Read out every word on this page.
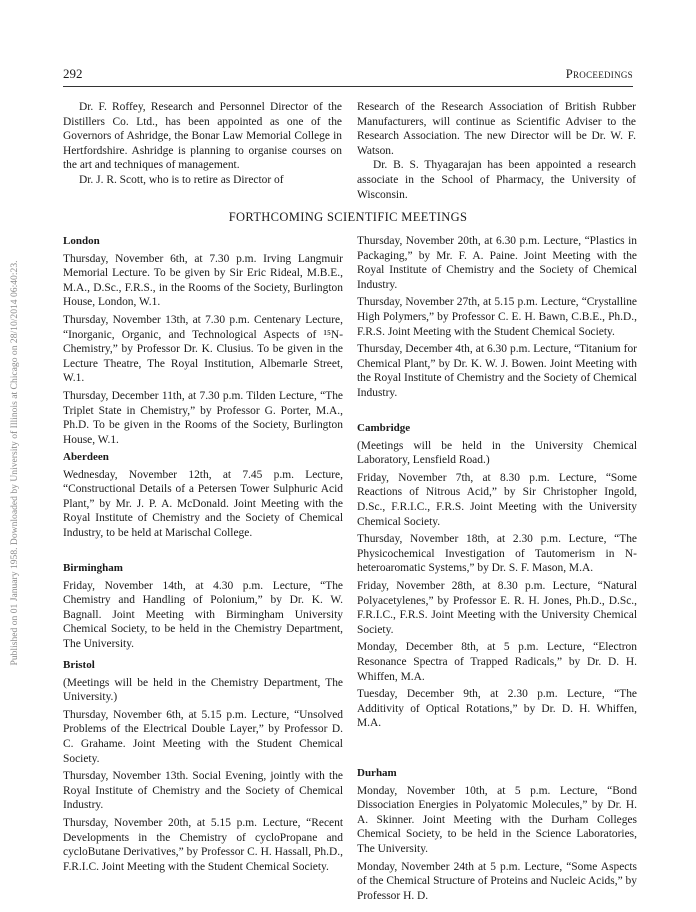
292	Proceedings
Published on 01 January 1958. Downloaded by University of Illinois at Chicago on 28/10/2014 06:40:23.

Dr. F. Roffey, Research and Personnel Director of the Distillers Co. Ltd., has been appointed as one of the Governors of Ashridge, the Bonar Law Memorial College in Hertfordshire. Ashridge is planning to organise courses on the art and techniques of management.

Dr. J. R. Scott, who is to retire as Director of

Research of the Research Association of British Rubber Manufacturers, will continue as Scientific Adviser to the Research Association. The new Director will be Dr. W. F. Watson.

Dr. B. S. Thyagarajan has been appointed a research associate in the School of Pharmacy, the University of Wisconsin.

FORTHCOMING SCIENTIFIC MEETINGS

London

Thursday, November 6th, at 7.30 p.m. Irving Langmuir Memorial Lecture. To be given by Sir Eric Rideal, M.B.E., M.A., D.Sc., F.R.S., in the Rooms of the Society, Burlington House, London, W.1.

Thursday, November 13th, at 7.30 p.m. Centenary Lecture, “Inorganic, Organic, and Technological Aspects of ¹⁵N-Chemistry,” by Professor Dr. K. Clusius. To be given in the Lecture Theatre, The Royal Institution, Albemarle Street, W.1.

Thursday, December 11th, at 7.30 p.m. Tilden Lecture, “The Triplet State in Chemistry,” by Professor G. Porter, M.A., Ph.D. To be given in the Rooms of the Society, Burlington House, W.1.

Aberdeen

Wednesday, November 12th, at 7.45 p.m. Lecture, “Constructional Details of a Petersen Tower Sulphuric Acid Plant,” by Mr. J. P. A. McDonald. Joint Meeting with the Royal Institute of Chemistry and the Society of Chemical Industry, to be held at Marischal College.

Birmingham

Friday, November 14th, at 4.30 p.m. Lecture, “The Chemistry and Handling of Polonium,” by Dr. K. W. Bagnall. Joint Meeting with Birmingham University Chemical Society, to be held in the Chemistry Department, The University.

Bristol

(Meetings will be held in the Chemistry Department, The University.)

Thursday, November 6th, at 5.15 p.m. Lecture, “Unsolved Problems of the Electrical Double Layer,” by Professor D. C. Grahame. Joint Meeting with the Student Chemical Society.

Thursday, November 13th. Social Evening, jointly with the Royal Institute of Chemistry and the Society of Chemical Industry.

Thursday, November 20th, at 5.15 p.m. Lecture, “Recent Developments in the Chemistry of cycloPropane and cycloButane Derivatives,” by Professor C. H. Hassall, Ph.D., F.R.I.C. Joint Meeting with the Student Chemical Society.

Thursday, November 20th, at 6.30 p.m. Lecture, “Plastics in Packaging,” by Mr. F. A. Paine. Joint Meeting with the Royal Institute of Chemistry and the Society of Chemical Industry.

Thursday, November 27th, at 5.15 p.m. Lecture, “Crystalline High Polymers,” by Professor C. E. H. Bawn, C.B.E., Ph.D., F.R.S. Joint Meeting with the Student Chemical Society.

Thursday, December 4th, at 6.30 p.m. Lecture, “Titanium for Chemical Plant,” by Dr. K. W. J. Bowen. Joint Meeting with the Royal Institute of Chemistry and the Society of Chemical Industry.

Cambridge

(Meetings will be held in the University Chemical Laboratory, Lensfield Road.)

Friday, November 7th, at 8.30 p.m. Lecture, “Some Reactions of Nitrous Acid,” by Sir Christopher Ingold, D.Sc., F.R.I.C., F.R.S. Joint Meeting with the University Chemical Society.

Thursday, November 18th, at 2.30 p.m. Lecture, “The Physicochemical Investigation of Tautomerism in N-heteroaromatic Systems,” by Dr. S. F. Mason, M.A.

Friday, November 28th, at 8.30 p.m. Lecture, “Natural Polyacetylenes,” by Professor E. R. H. Jones, Ph.D., D.Sc., F.R.I.C., F.R.S. Joint Meeting with the University Chemical Society.

Monday, December 8th, at 5 p.m. Lecture, “Electron Resonance Spectra of Trapped Radicals,” by Dr. D. H. Whiffen, M.A.

Tuesday, December 9th, at 2.30 p.m. Lecture, “The Additivity of Optical Rotations,” by Dr. D. H. Whiffen, M.A.

Durham

Monday, November 10th, at 5 p.m. Lecture, “Bond Dissociation Energies in Polyatomic Molecules,” by Dr. H. A. Skinner. Joint Meeting with the Durham Colleges Chemical Society, to be held in the Science Laboratories, The University.

Monday, November 24th at 5 p.m. Lecture, “Some Aspects of the Chemical Structure of Proteins and Nucleic Acids,” by Professor H. D.
